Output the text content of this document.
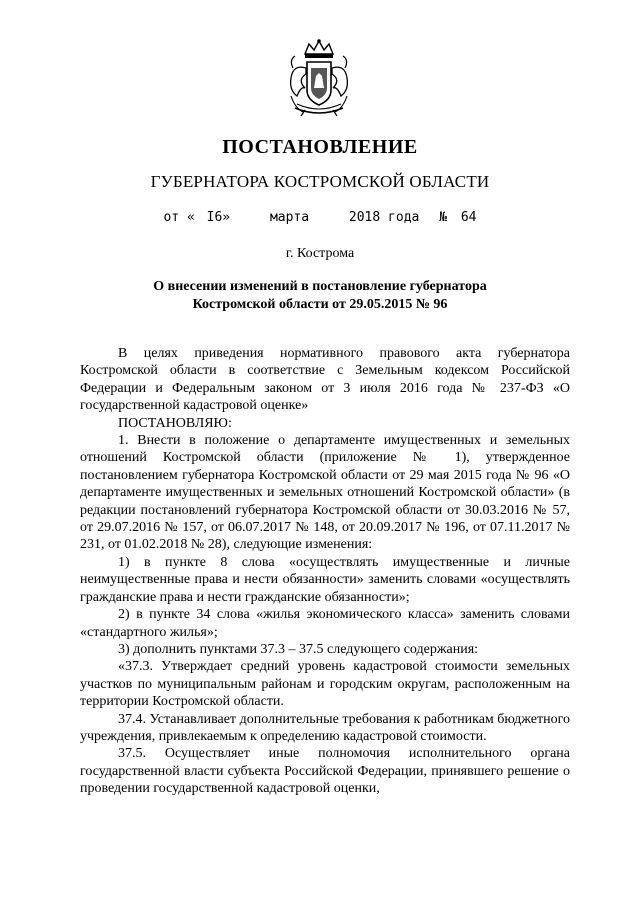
ПОСТАНОВЛЕНИЕ
ГУБЕРНАТОРА КОСТРОМСКОЙ ОБЛАСТИ
от « I6»	марта	2018 года № 64
г. Кострома
О внесении изменений в постановление губернатора
Костромской области от 29.05.2015 № 96

В целях приведения нормативного правового акта губернатора Костромской области в соответствие с Земельным кодексом Российской Федерации и Федеральным законом от 3 июля 2016 года № 237-ФЗ «О государственной кадастровой оценке»

ПОСТАНОВЛЯЮ:

1. Внести в положение о департаменте имущественных и земельных отношений Костромской области (приложение № 1), утвержденное постановлением губернатора Костромской области от 29 мая 2015 года № 96 «О департаменте имущественных и земельных отношений Костромской области» (в редакции постановлений губернатора Костромской области от 30.03.2016 № 57, от 29.07.2016 № 157, от 06.07.2017 № 148, от 20.09.2017 № 196, от 07.11.2017 № 231, от 01.02.2018 № 28), следующие изменения:

1) в пункте 8 слова «осуществлять имущественные и личные неимущественные права и нести обязанности» заменить словами «осуществлять гражданские права и нести гражданские обязанности»;

2) в пункте 34 слова «жилья экономического класса» заменить словами «стандартного жилья»;

3) дополнить пунктами 37.3 – 37.5 следующего содержания:

«37.3. Утверждает средний уровень кадастровой стоимости земельных участков по муниципальным районам и городским округам, расположенным на территории Костромской области.

37.4. Устанавливает дополнительные требования к работникам бюджетного учреждения, привлекаемым к определению кадастровой стоимости.

37.5. Осуществляет иные полномочия исполнительного органа государственной власти субъекта Российской Федерации, принявшего решение о проведении государственной кадастровой оценки,
